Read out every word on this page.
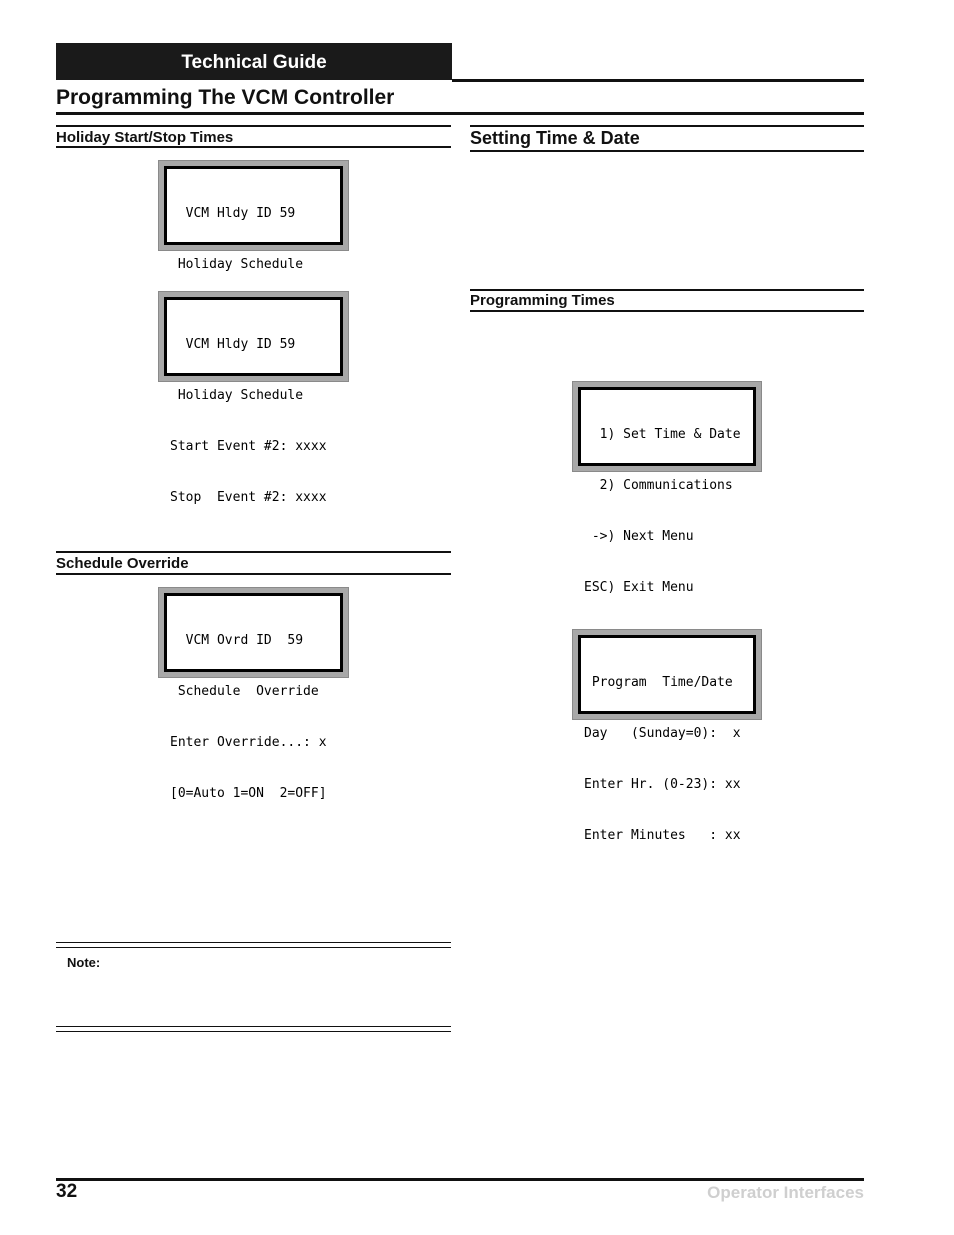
Technical Guide
Programming The VCM Controller
Holiday Start/Stop Times

VCM Hldy ID 59

Holiday Schedule

VCM Hldy ID 59

Holiday Schedule

Start Event #2: xxxx

Stop  Event #2: xxxx

Schedule Override

VCM Ovrd ID  59

Schedule  Override

Enter Override...: x

[0=Auto 1=ON  2=OFF]

Note:
Setting Time & Date
Programming Times

1) Set Time & Date

2) Communications

->) Next Menu

ESC) Exit Menu

Program  Time/Date

Day   (Sunday=0):  x

Enter Hr. (0-23): xx

Enter Minutes   : xx

32	Operator Interfaces
